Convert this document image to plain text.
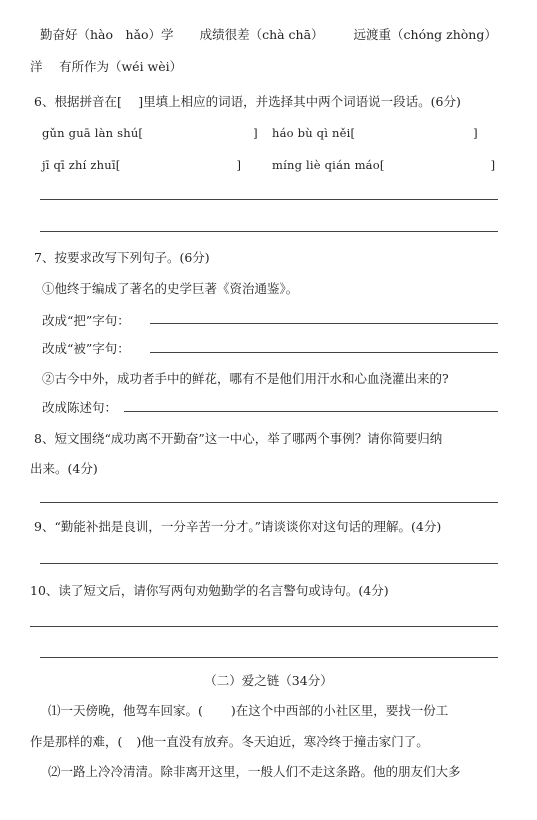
勤奋好（hào　hǎo）学 成绩很差（chà chā） 远渡重（chóng zhòng）
洋　 有所作为（wéi wèi）
6、根据拼音在[　 ]里填上相应的词语，并选择其中两个词语说一段话。(6分)
gǔn guā làn shú[	] háo bù qì něi[	]
jī qī zhí zhuī[	]	míng liè qián máo[	]
7、按要求改写下列句子。(6分)
①他终于编成了著名的史学巨著《资治通鉴》。
改成“把”字句：
改成“被”字句：
②古今中外，成功者手中的鲜花，哪有不是他们用汗水和心血浇灌出来的?
改成陈述句：
8、短文围绕“成功离不开勤奋”这一中心，举了哪两个事例？请你简要归纳
出来。(4分)
9、“勤能补拙是良训，一分辛苦一分才。”请谈谈你对这句话的理解。(4分)
10、读了短文后，请你写两句劝勉勤学的名言警句或诗句。(4分)
（二）爱之链（34分）
⑴一天傍晚，他驾车回家。( )在这个中西部的小社区里，要找一份工
作是那样的难，( )他一直没有放弃。冬天迫近，寒冷终于撞击家门了。
⑵一路上冷冷清清。除非离开这里，一般人们不走这条路。他的朋友们大多
